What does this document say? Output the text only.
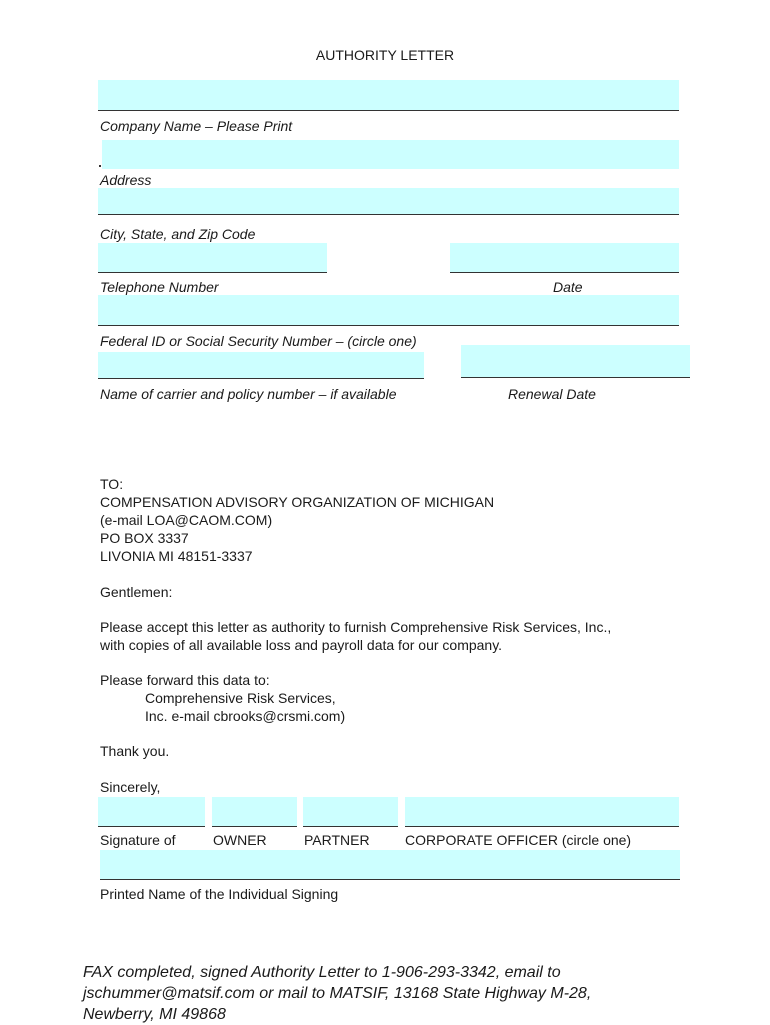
AUTHORITY LETTER
Company Name – Please Print
Address
City, State, and Zip Code
Telephone Number	Date
Federal ID or Social Security Number – (circle one)
Name of carrier and policy number – if available	Renewal Date
TO:
COMPENSATION ADVISORY ORGANIZATION OF MICHIGAN
(e-mail LOA@CAOM.COM)
PO BOX 3337
LIVONIA MI 48151-3337
Gentlemen:
Please accept this letter as authority to furnish Comprehensive Risk Services, Inc.,
with copies of all available loss and payroll data for our company.
Please forward this data to:
Comprehensive Risk Services,
Inc. e-mail cbrooks@crsmi.com)
Thank you.
Sincerely,
Signature of	OWNER	PARTNER	CORPORATE OFFICER (circle one)
Printed Name of the Individual Signing
FAX completed, signed Authority Letter to 1-906-293-3342, email to
jschummer@matsif.com or mail to MATSIF, 13168 State Highway M-28,
Newberry, MI 49868
